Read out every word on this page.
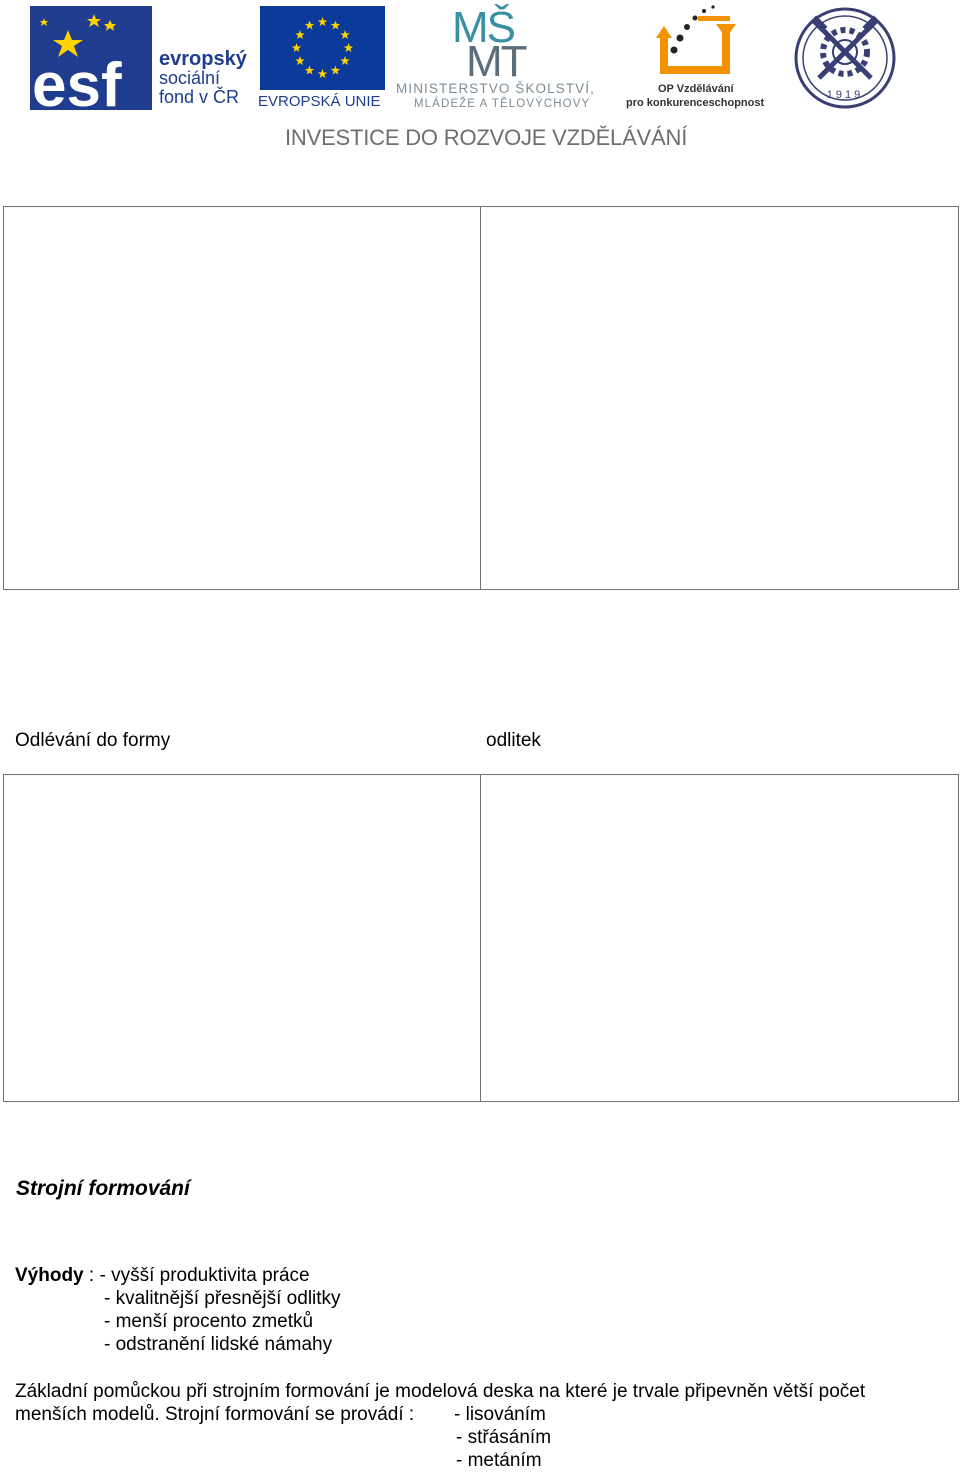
esf evropský
sociální
fond v ČR	EVROPSKÁ UNIE
MŠ
MT
MINISTERSTVO ŠKOLSTVÍ,
MLÁDEŽE A TĚLOVÝCHOVY
OP Vzdělávání
pro konkurenceschopnost
1919
INVESTICE DO ROZVOJE VZDĚLÁVÁNÍ
Odlévání do formy	odlitek
Strojní formování
Výhody : - vyšší produktivita práce
- kvalitnější přesnější odlitky
- menší procento zmetků
- odstranění lidské námahy
Základní pomůckou při strojním formování je modelová deska na které je trvale připevněn větší počet
menších modelů. Strojní formování se provádí : - lisováním
- střásáním
- metáním
